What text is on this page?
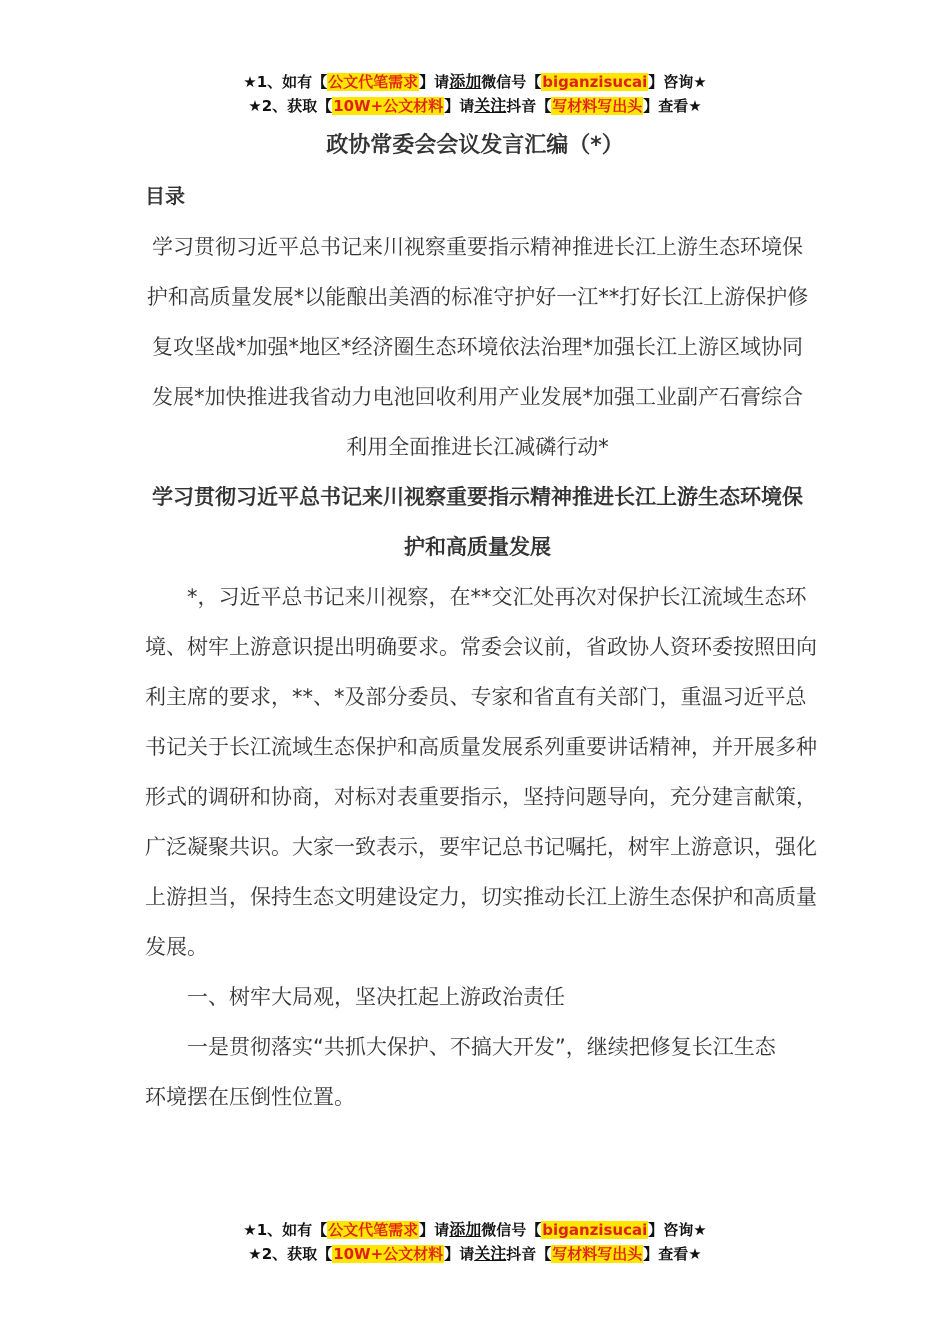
★1、如有【公文代笔需求】请添加微信号【biganzisucai】咨询★
★2、获取【10W+公文材料】请关注抖音【写材料写出头】查看★
政协常委会会议发言汇编（*）
目录
学习贯彻习近平总书记来川视察重要指示精神推进长江上游生态环境保护和高质量发展*以能酿出美酒的标准守护好一江**打好长江上游保护修复攻坚战*加强*地区*经济圈生态环境依法治理*加强长江上游区域协同发展*加快推进我省动力电池回收利用产业发展*加强工业副产石膏综合利用全面推进长江减磷行动*
学习贯彻习近平总书记来川视察重要指示精神推进长江上游生态环境保护和高质量发展
*，习近平总书记来川视察，在**交汇处再次对保护长江流域生态环境、树牢上游意识提出明确要求。常委会议前，省政协人资环委按照田向利主席的要求，**、*及部分委员、专家和省直有关部门，重温习近平总书记关于长江流域生态保护和高质量发展系列重要讲话精神，并开展多种形式的调研和协商，对标对表重要指示，坚持问题导向，充分建言献策，广泛凝聚共识。大家一致表示，要牢记总书记嘱托，树牢上游意识，强化上游担当，保持生态文明建设定力，切实推动长江上游生态保护和高质量发展。
一、树牢大局观，坚决扛起上游政治责任
一是贯彻落实“共抓大保护、不搞大开发”，继续把修复长江生态环境摆在压倒性位置。
★1、如有【公文代笔需求】请添加微信号【biganzisucai】咨询★
★2、获取【10W+公文材料】请关注抖音【写材料写出头】查看★
